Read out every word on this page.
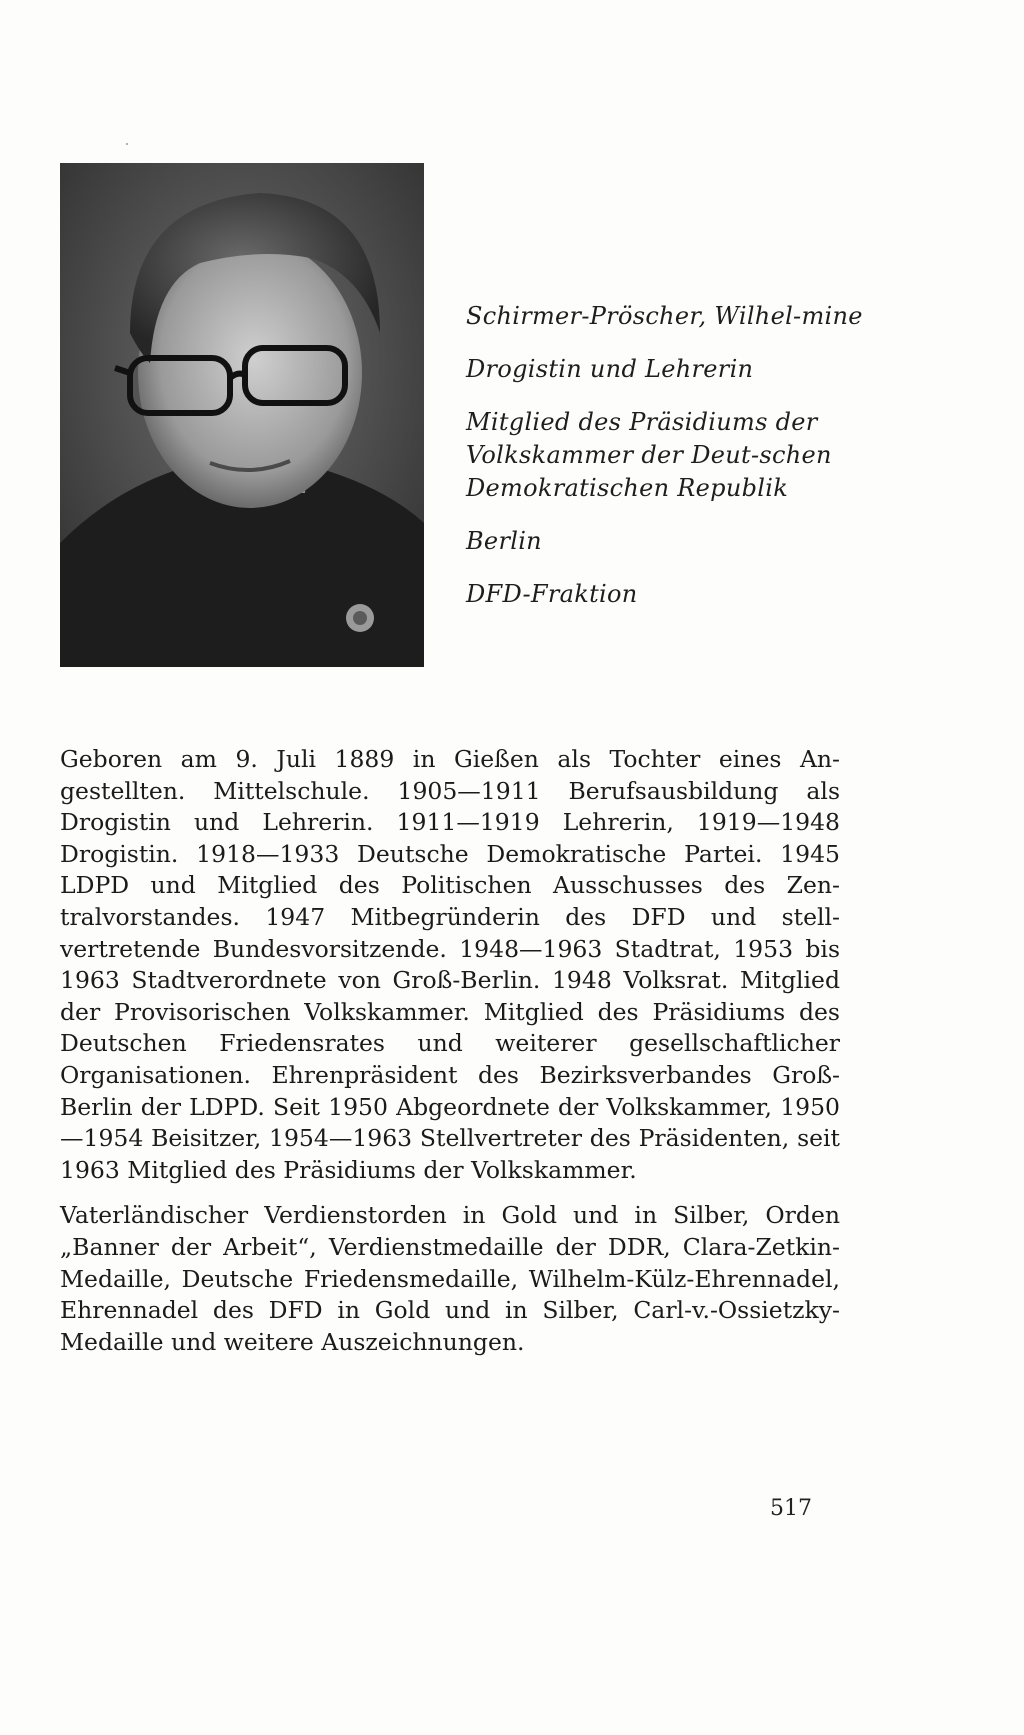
Schirmer-Pröscher, Wilhel-mine

Drogistin und Lehrerin

Mitglied des Präsidiums der Volkskammer der Deut-schen Demokratischen Republik

Berlin

DFD-Fraktion

Geboren am 9. Juli 1889 in Gießen als Tochter eines Angestellten. Mittelschule. 1905—1911 Berufsausbildung als Drogistin und Lehrerin. 1911—1919 Lehrerin, 1919—1948 Drogistin. 1918—1933 Deutsche Demokratische Partei. 1945 LDPD und Mitglied des Politischen Ausschusses des Zentralvorstandes. 1947 Mitbegründerin des DFD und stellvertretende Bundesvorsitzende. 1948—1963 Stadtrat, 1953 bis 1963 Stadtverordnete von Groß-Berlin. 1948 Volksrat. Mitglied der Provisorischen Volkskammer. Mitglied des Präsidiums des Deutschen Friedensrates und weiterer gesellschaftlicher Organisationen. Ehrenpräsident des Bezirksverbandes Groß-Berlin der LDPD. Seit 1950 Abgeordnete der Volkskammer, 1950—1954 Beisitzer, 1954—1963 Stellvertreter des Präsidenten, seit 1963 Mitglied des Präsidiums der Volkskammer.

Vaterländischer Verdienstorden in Gold und in Silber, Orden „Banner der Arbeit“, Verdienstmedaille der DDR, Clara-Zetkin-Medaille, Deutsche Friedensmedaille, Wilhelm-Külz-Ehrennadel, Ehrennadel des DFD in Gold und in Silber, Carl-v.-Ossietzky-Medaille und weitere Auszeichnungen.

517
